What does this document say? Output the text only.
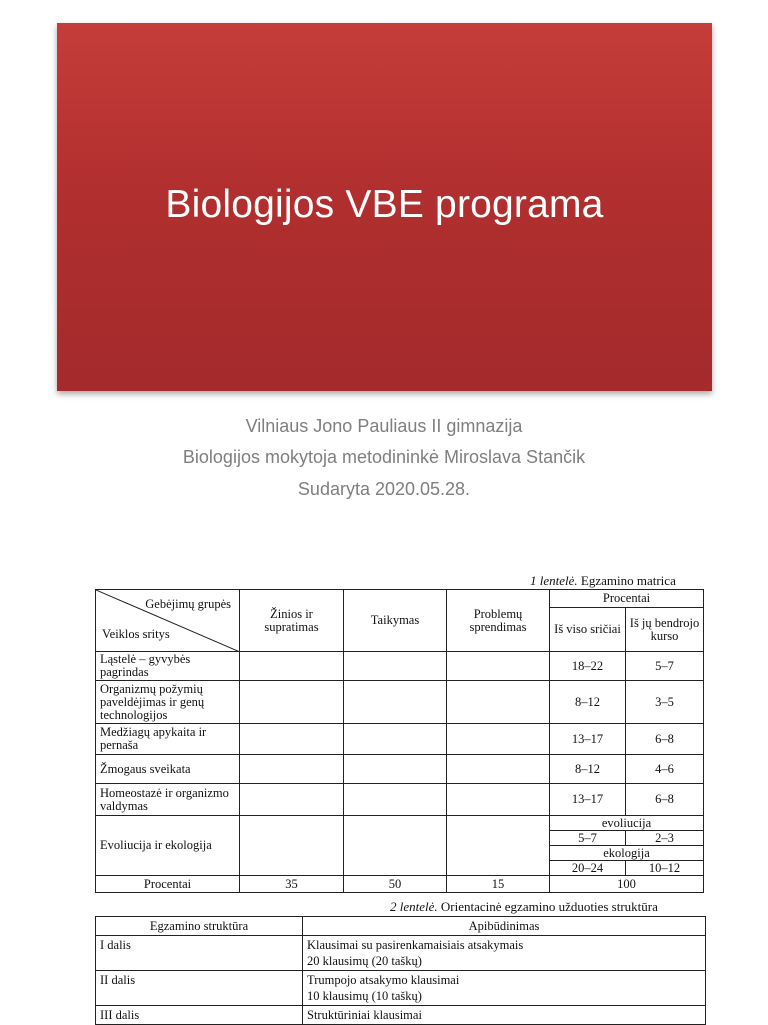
Biologijos VBE programa
Vilniaus Jono Pauliaus II gimnazija
Biologijos mokytoja metodininkė Miroslava Stančik
Sudaryta 2020.05.28.
1 lentelė. Egzamino matrica
Gebėjimų grupės
Veiklos sritys	Žinios ir supratimas	Taikymas	Problemų sprendimas	Procentai	
				Iš viso sričiai	Iš jų bendrojo kurso
Ląstelė – gyvybės pagrindas				18–22	5–7
Organizmų požymių paveldėjimas ir genų technologijos				8–12	3–5
Medžiagų apykaita ir pernaša				13–17	6–8
Žmogaus sveikata				8–12	4–6
Homeostazė ir organizmo valdymas				13–17	6–8
Evoliucija ir ekologija				evoliucija	
				5–7	2–3
				ekologija	
				20–24	10–12
Procentai	35	50	15	100	
2 lentelė. Orientacinė egzamino užduoties struktūra
Egzamino struktūra	Apibūdinimas
I dalis	Klausimai su pasirenkamaisiais atsakymais
20 klausimų (20 taškų)

II dalis	Trumpojo atsakymo klausimai
10 klausimų (10 taškų)

III dalis	Struktūriniai klausimai
